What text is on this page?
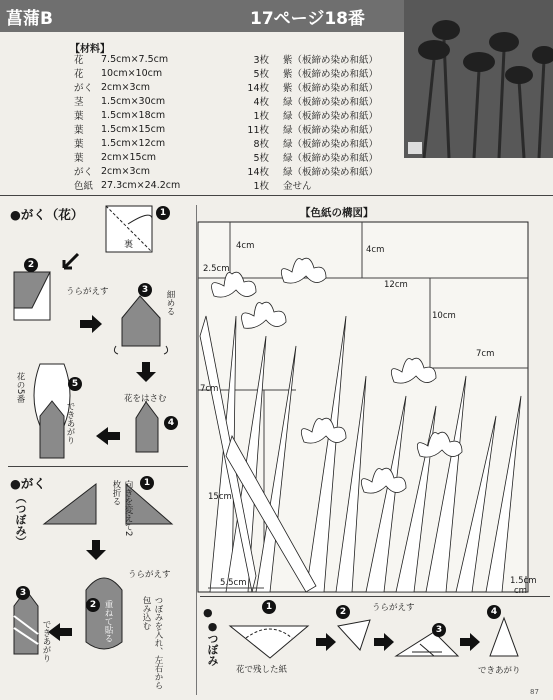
菖蒲B	17ページ18番
【材料】
花	7.5cm×7.5cm	3枚	紫（板締め染め和紙）
花	10cm×10cm	5枚	紫（板締め染め和紙）
がく	2cm×3cm	14枚	紫（板締め染め和紙）
茎	1.5cm×30cm	4枚	緑（板締め染め和紙）
葉	1.5cm×18cm	1枚	緑（板締め染め和紙）
葉	1.5cm×15cm	11枚	緑（板締め染め和紙）
葉	1.5cm×12cm	8枚	緑（板締め染め和紙）
葉	2cm×15cm	5枚	緑（板締め染め和紙）
がく	2cm×3cm	14枚	緑（板締め染め和紙）
色紙	27.3cm×24.2cm	1枚	金せん
●がく（花）	1
裏
2
うらがえす	3	細める
花をはさむ
4
5
花の5番
できあがり
●がく
（つぼみ）
1
向きを変えて2枚折る
うらがえす
2 重ねて貼る	つぼみを入れ、左右から包み込む
3
できあがり
【色紙の構図】
4cm	4cm
2.5cm
12cm
10cm
7cm
7cm
15cm
5.5cm	1.5cm
cm
●
●つぼみ
1
花で残した紙
2	うらがえす
3
4
できあがり
87
